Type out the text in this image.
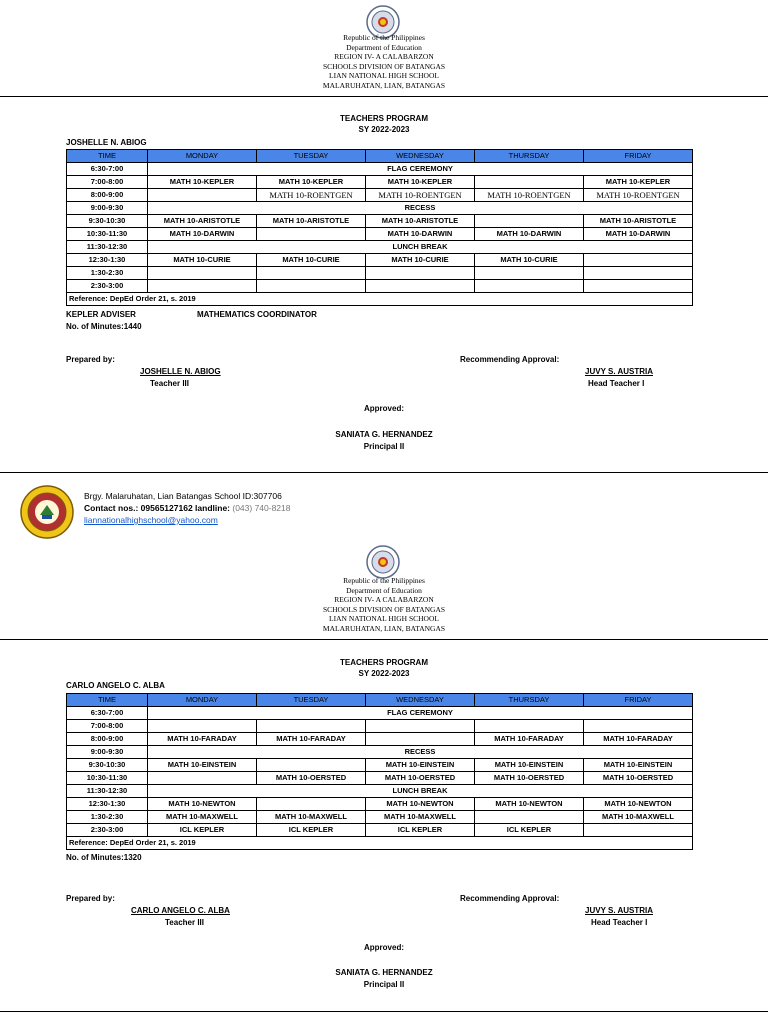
Republic of the Philippines
Department of Education
REGION IV- A CALABARZON
SCHOOLS DIVISION OF BATANGAS
LIAN NATIONAL HIGH SCHOOL
MALARUHATAN, LIAN, BATANGAS
TEACHERS PROGRAM
SY 2022-2023
JOSHELLE N. ABIOG
TIME	MONDAY	TUESDAY	WEDNESDAY	THURSDAY	FRIDAY
6:30-7:00	FLAG CEREMONY				
7:00-8:00	MATH 10-KEPLER	MATH 10-KEPLER	MATH 10-KEPLER		MATH 10-KEPLER
8:00-9:00		MATH 10-ROENTGEN	MATH 10-ROENTGEN	MATH 10-ROENTGEN	MATH 10-ROENTGEN
9:00-9:30	RECESS				
9:30-10:30	MATH 10-ARISTOTLE	MATH 10-ARISTOTLE	MATH 10-ARISTOTLE		MATH 10-ARISTOTLE
10:30-11:30	MATH 10-DARWIN		MATH 10-DARWIN	MATH 10-DARWIN	MATH 10-DARWIN
11:30-12:30	LUNCH BREAK				
12:30-1:30	MATH 10-CURIE	MATH 10-CURIE	MATH 10-CURIE	MATH 10-CURIE	
1:30-2:30					
2:30-3:00					
Reference: DepEd Order 21, s. 2019					
KEPLER ADVISER	MATHEMATICS COORDINATOR
No. of Minutes:1440
Prepared by:
JOSHELLE N. ABIOG
Teacher III
Recommending Approval:
JUVY S. AUSTRIA
Head Teacher I
Approved:
SANIATA G. HERNANDEZ
Principal II
Brgy. Malaruhatan, Lian Batangas School ID:307706
Contact nos.: 09565127162 landline: (043) 740-8218
liannationalhighschool@yahoo.com
Republic of the Philippines
Department of Education
REGION IV- A CALABARZON
SCHOOLS DIVISION OF BATANGAS
LIAN NATIONAL HIGH SCHOOL
MALARUHATAN, LIAN, BATANGAS
TEACHERS PROGRAM
SY 2022-2023
CARLO ANGELO C. ALBA
TIME	MONDAY	TUESDAY	WEDNESDAY	THURSDAY	FRIDAY
6:30-7:00	FLAG CEREMONY				
7:00-8:00					
8:00-9:00	MATH 10-FARADAY	MATH 10-FARADAY		MATH 10-FARADAY	MATH 10-FARADAY
9:00-9:30	RECESS				
9:30-10:30	MATH 10-EINSTEIN		MATH 10-EINSTEIN	MATH 10-EINSTEIN	MATH 10-EINSTEIN
10:30-11:30		MATH 10-OERSTED	MATH 10-OERSTED	MATH 10-OERSTED	MATH 10-OERSTED
11:30-12:30	LUNCH BREAK				
12:30-1:30	MATH 10-NEWTON		MATH 10-NEWTON	MATH 10-NEWTON	MATH 10-NEWTON
1:30-2:30	MATH 10-MAXWELL	MATH 10-MAXWELL	MATH 10-MAXWELL		MATH 10-MAXWELL
2:30-3:00	ICL KEPLER	ICL KEPLER	ICL KEPLER	ICL KEPLER	
Reference: DepEd Order 21, s. 2019					
No. of Minutes:1320
Prepared by:
CARLO ANGELO C. ALBA
Teacher III
Recommending Approval:
JUVY S. AUSTRIA
Head Teacher I
Approved:
SANIATA G. HERNANDEZ
Principal II
